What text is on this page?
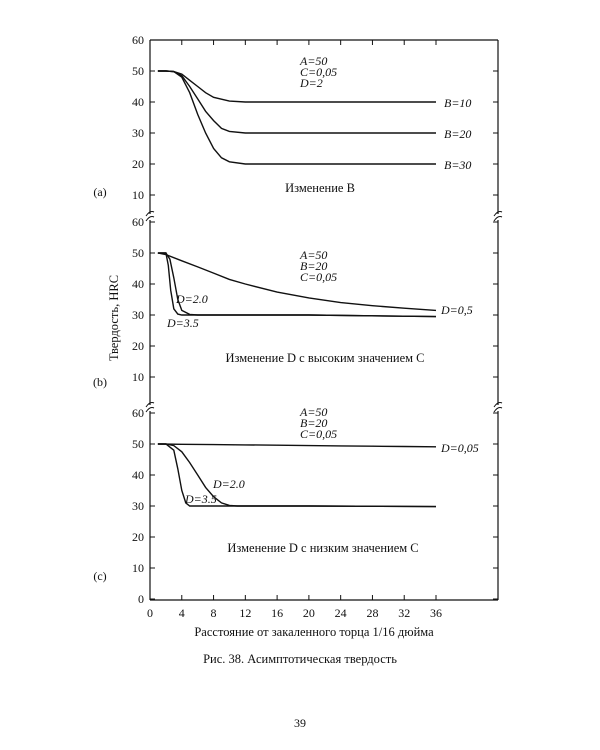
10
20
30
40
50
60
B=10
B=20
B=30
A=50
C=0,05
D=2
Изменение B
(a)
10
20
30
40
50
60
D=0,5
D=2.0
D=3.5
A=50
B=20
C=0,05
Изменение D с высоким значением C
(b)
0
10
20
30
40
50
60
D=0,05
D=2.0
D=3.5
A=50
B=20
C=0,05
Изменение D с низким значением C
(c)
0 4 8 12 16 20 24 28 32 36
Расстояние от закаленного торца 1/16 дюйма
Твердость, HRC
Рис. 38. Асимптотическая твердость
39
